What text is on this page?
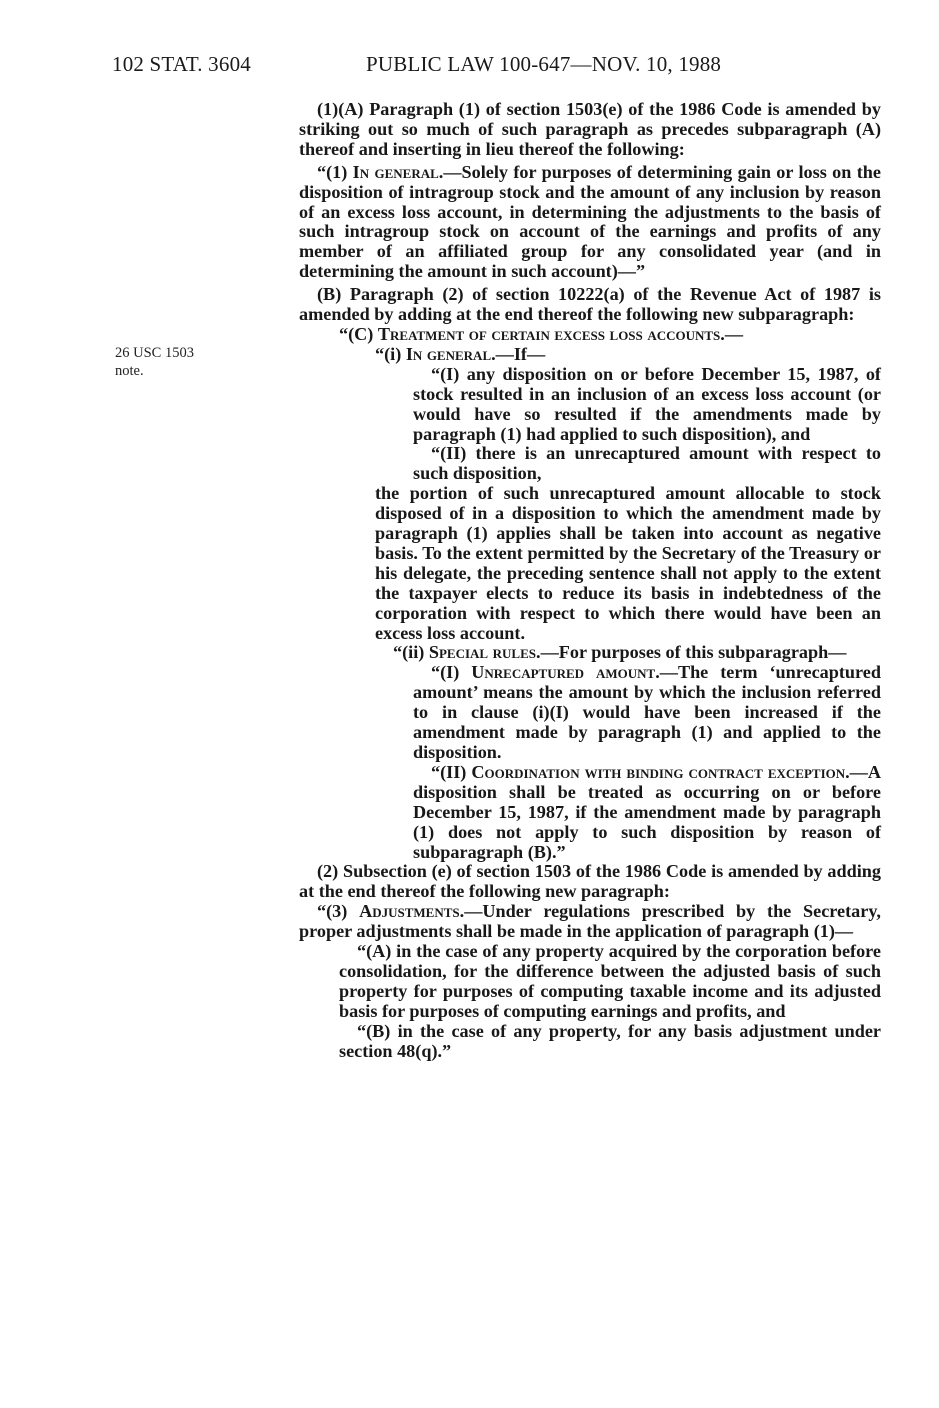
102 STAT. 3604	PUBLIC LAW 100-647—NOV. 10, 1988
26 USC 1503
note.

(1)(A) Paragraph (1) of section 1503(e) of the 1986 Code is amended by striking out so much of such paragraph as precedes subparagraph (A) thereof and inserting in lieu thereof the following:

“(1) In general.—Solely for purposes of determining gain or loss on the disposition of intragroup stock and the amount of any inclusion by reason of an excess loss account, in determining the adjustments to the basis of such intragroup stock on account of the earnings and profits of any member of an affiliated group for any consolidated year (and in determining the amount in such account)—”

(B) Paragraph (2) of section 10222(a) of the Revenue Act of 1987 is amended by adding at the end thereof the following new subparagraph:

“(C) Treatment of certain excess loss accounts.—

“(i) In general.—If—

“(I) any disposition on or before December 15, 1987, of stock resulted in an inclusion of an excess loss account (or would have so resulted if the amendments made by paragraph (1) had applied to such disposition), and

“(II) there is an unrecaptured amount with respect to such disposition,

the portion of such unrecaptured amount allocable to stock disposed of in a disposition to which the amendment made by paragraph (1) applies shall be taken into account as negative basis. To the extent permitted by the Secretary of the Treasury or his delegate, the preceding sentence shall not apply to the extent the taxpayer elects to reduce its basis in indebtedness of the corporation with respect to which there would have been an excess loss account.

“(ii) Special rules.—For purposes of this subparagraph—

“(I) Unrecaptured amount.—The term ‘unrecaptured amount’ means the amount by which the inclusion referred to in clause (i)(I) would have been increased if the amendment made by paragraph (1) and applied to the disposition.

“(II) Coordination with binding contract exception.—A disposition shall be treated as occurring on or before December 15, 1987, if the amendment made by paragraph (1) does not apply to such disposition by reason of subparagraph (B).”

(2) Subsection (e) of section 1503 of the 1986 Code is amended by adding at the end thereof the following new paragraph:

“(3) Adjustments.—Under regulations prescribed by the Secretary, proper adjustments shall be made in the application of paragraph (1)—

“(A) in the case of any property acquired by the corporation before consolidation, for the difference between the adjusted basis of such property for purposes of computing taxable income and its adjusted basis for purposes of computing earnings and profits, and

“(B) in the case of any property, for any basis adjustment under section 48(q).”
